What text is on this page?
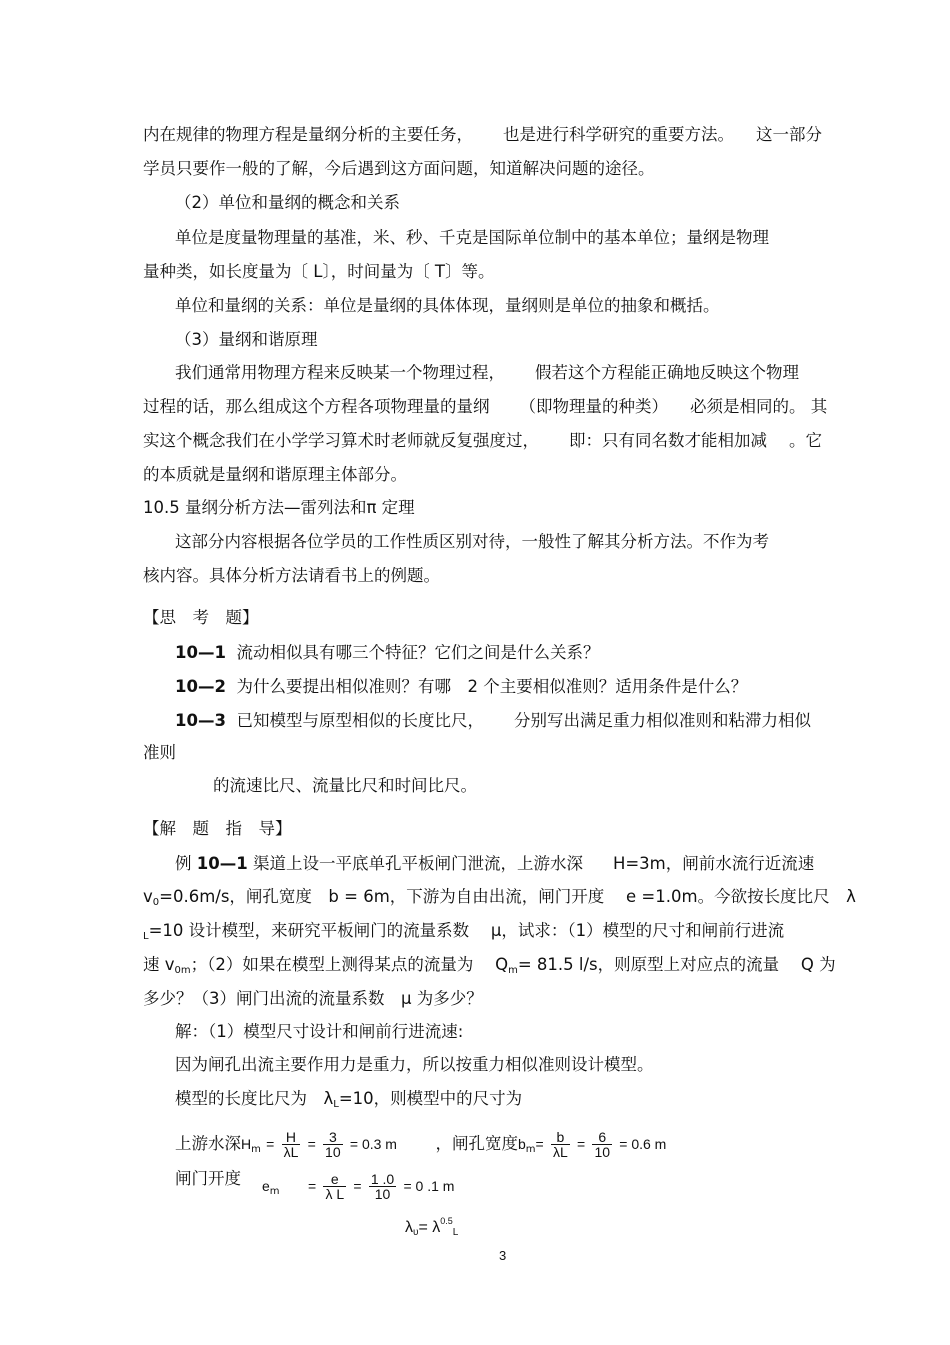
内在规律的物理方程是量纲分析的主要任务， 也是进行科学研究的重要方法。 这一部分
学员只要作一般的了解，今后遇到这方面问题，知道解决问题的途径。
（2）单位和量纲的概念和关系
单位是度量物理量的基准，米、秒、千克是国际单位制中的基本单位；量纲是物理
量种类，如长度量为〔 L〕，时间量为〔 T〕等。
单位和量纲的关系：单位是量纲的具体体现，量纲则是单位的抽象和概括。
（3）量纲和谐原理
我们通常用物理方程来反映某一个物理过程， 假若这个方程能正确地反映这个物理
过程的话，那么组成这个方程各项物理量的量纲 （即物理量的种类） 必须是相同的。 其
实这个概念我们在小学学习算术时老师就反复强度过， 即：只有同名数才能相加减 。它
的本质就是量纲和谐原理主体部分。
10.5 量纲分析方法—雷列法和π 定理
这部分内容根据各位学员的工作性质区别对待，一般性了解其分析方法。不作为考
核内容。具体分析方法请看书上的例题。
【思　考　题】
10—1 流动相似具有哪三个特征？它们之间是什么关系？
10—2 为什么要提出相似准则？有哪　2 个主要相似准则？适用条件是什么？
10—3 已知模型与原型相似的长度比尺， 分别写出满足重力相似准则和粘滞力相似
准则
的流速比尺、流量比尺和时间比尺。
【解　题　指　导】
例 10—1 渠道上设一平底单孔平板闸门泄流，上游水深 H=3m，闸前水流行近流速
$v_0=0.6m/s$，闸孔宽度　b = 6m，下游为自由出流，闸门开度　 e =1.0m。今欲按长度比尺　λ
$_L$=10 设计模型，来研究平板闸门的流量系数　 μ，试求：（1）模型的尺寸和闸前行进流
速 $v_{0m}$；（2）如果在模型上测得某点的流量为　 $Q_m= 81.5$ l/s，则原型上对应点的流量　 Q 为
多少？（3）闸门出流的流量系数　μ 为多少？
解：（1）模型尺寸设计和闸前行进流速:
因为闸孔出流主要作用力是重力，所以按重力相似准则设计模型。
模型的长度比尺为　$\lambda_L=10$，则模型中的尺寸为
上游水深$H_m = \frac{H}{\lambda L} = \frac{3}{10} = 0.3$ m ，闸孔宽度$b_m= \frac{b}{\lambda L} = \frac{6}{10} = 0.6$ m
闸门开度 $e_m = \frac{e}{\text{λ L}} = \frac{1 .0}{10} = 0$ .1 m
$\lambda_\upsilon= \lambda^{0.5}_L$
3
